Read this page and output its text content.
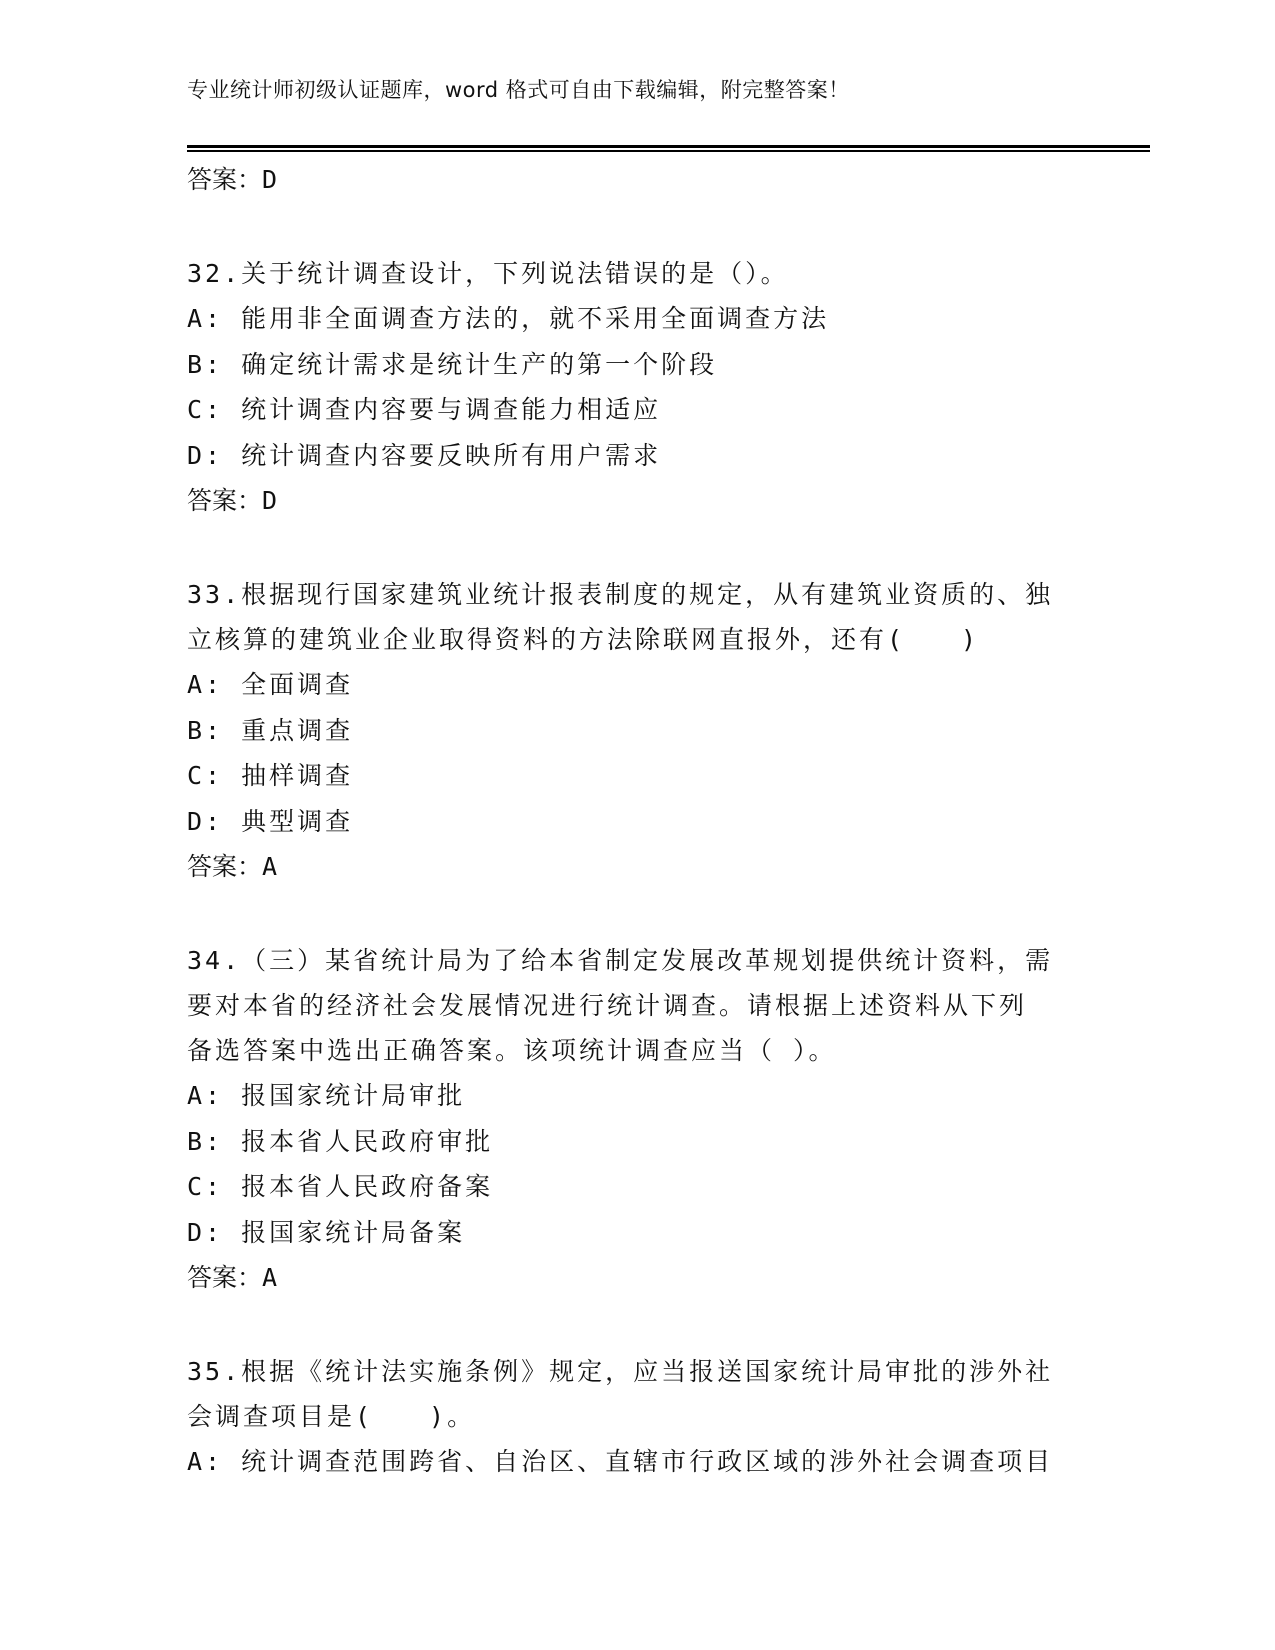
专业统计师初级认证题库，word 格式可自由下载编辑，附完整答案！
答案：D
32.关于统计调查设计，下列说法错误的是（）。
A: 能用非全面调查方法的，就不采用全面调查方法
B: 确定统计需求是统计生产的第一个阶段
C: 统计调查内容要与调查能力相适应
D: 统计调查内容要反映所有用户需求
答案：D
33.根据现行国家建筑业统计报表制度的规定，从有建筑业资质的、独
立核算的建筑业企业取得资料的方法除联网直报外，还有(　　)
A: 全面调查
B: 重点调查
C: 抽样调查
D: 典型调查
答案：A
34.（三）某省统计局为了给本省制定发展改革规划提供统计资料，需
要对本省的经济社会发展情况进行统计调查。请根据上述资料从下列
备选答案中选出正确答案。该项统计调查应当（ ）。
A: 报国家统计局审批
B: 报本省人民政府审批
C: 报本省人民政府备案
D: 报国家统计局备案
答案：A
35.根据《统计法实施条例》规定，应当报送国家统计局审批的涉外社
会调查项目是(　　)。
A: 统计调查范围跨省、自治区、直辖市行政区域的涉外社会调查项目
